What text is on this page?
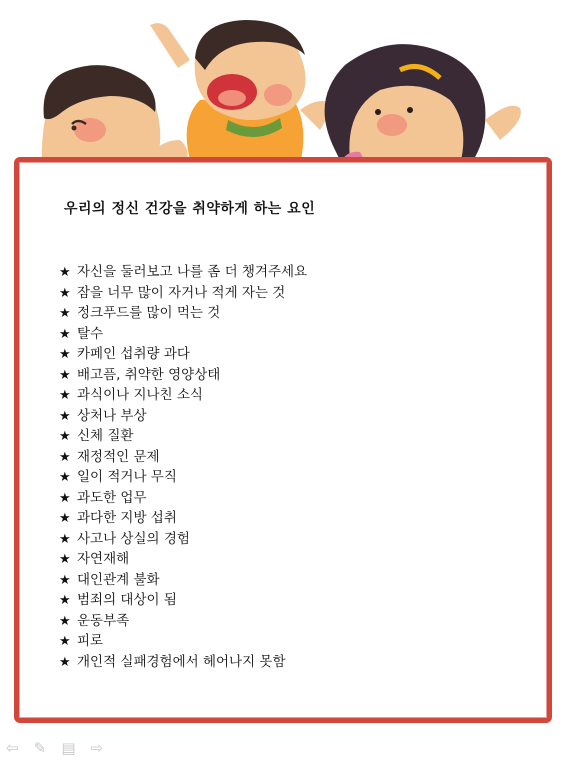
우리의 정신 건강을 취약하게 하는 요인
★ 자신을 둘러보고 나를 좀 더 챙겨주세요
★ 잠을 너무 많이 자거나 적게 자는 것
★ 정크푸드를 많이 먹는 것
★ 탈수
★ 카페인 섭취량 과다
★ 배고픔, 취약한 영양상태
★ 과식이나 지나친 소식
★ 상처나 부상
★ 신체 질환
★ 재정적인 문제
★ 일이 적거나 무직
★ 과도한 업무
★ 과다한 지방 섭취
★ 사고나 상실의 경험
★ 자연재해
★ 대인관계 불화
★ 범죄의 대상이 됨
★ 운동부족
★ 피로
★ 개인적 실패경험에서 헤어나지 못함
⇦ ✎ ▤ ⇨
